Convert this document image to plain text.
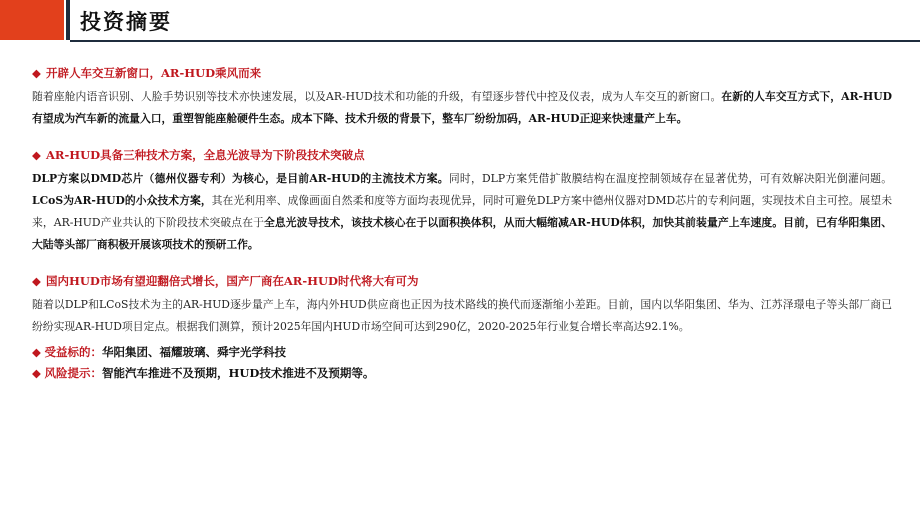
投资摘要
◆ 开辟人车交互新窗口，AR-HUD乘风而来

随着座舱内语音识别、人脸手势识别等技术亦快速发展，以及AR-HUD技术和功能的升级，有望逐步替代中控及仪表，成为人车交互的新窗口。在新的人车交互方式下，AR-HUD有望成为汽车新的流量入口，重塑智能座舱硬件生态。成本下降、技术升级的背景下，整车厂纷纷加码，AR-HUD正迎来快速量产上车。

◆ AR-HUD具备三种技术方案，全息光波导为下阶段技术突破点

DLP方案以DMD芯片（德州仪器专利）为核心，是目前AR-HUD的主流技术方案。同时，DLP方案凭借扩散膜结构在温度控制领域存在显著优势，可有效解决阳光倒灌问题。LCoS为AR-HUD的小众技术方案，其在光利用率、成像画面自然柔和度等方面均表现优异，同时可避免DLP方案中德州仪器对DMD芯片的专利问题，实现技术自主可控。展望未来，AR-HUD产业共认的下阶段技术突破点在于全息光波导技术，该技术核心在于以面积换体积，从而大幅缩减AR-HUD体积，加快其前装量产上车速度。目前，已有华阳集团、大陆等头部厂商积极开展该项技术的预研工作。

◆ 国内HUD市场有望迎翻倍式增长，国产厂商在AR-HUD时代将大有可为

随着以DLP和LCoS技术为主的AR-HUD逐步量产上车，海内外HUD供应商也正因为技术路线的换代而逐渐缩小差距。目前，国内以华阳集团、华为、江苏泽璟电子等头部厂商已纷纷实现AR-HUD项目定点。根据我们测算，预计2025年国内HUD市场空间可达到290亿，2020-2025年行业复合增长率高达92.1%。

◆ 受益标的：华阳集团、福耀玻璃、舜宇光学科技
◆ 风险提示：智能汽车推进不及预期，HUD技术推进不及预期等。
